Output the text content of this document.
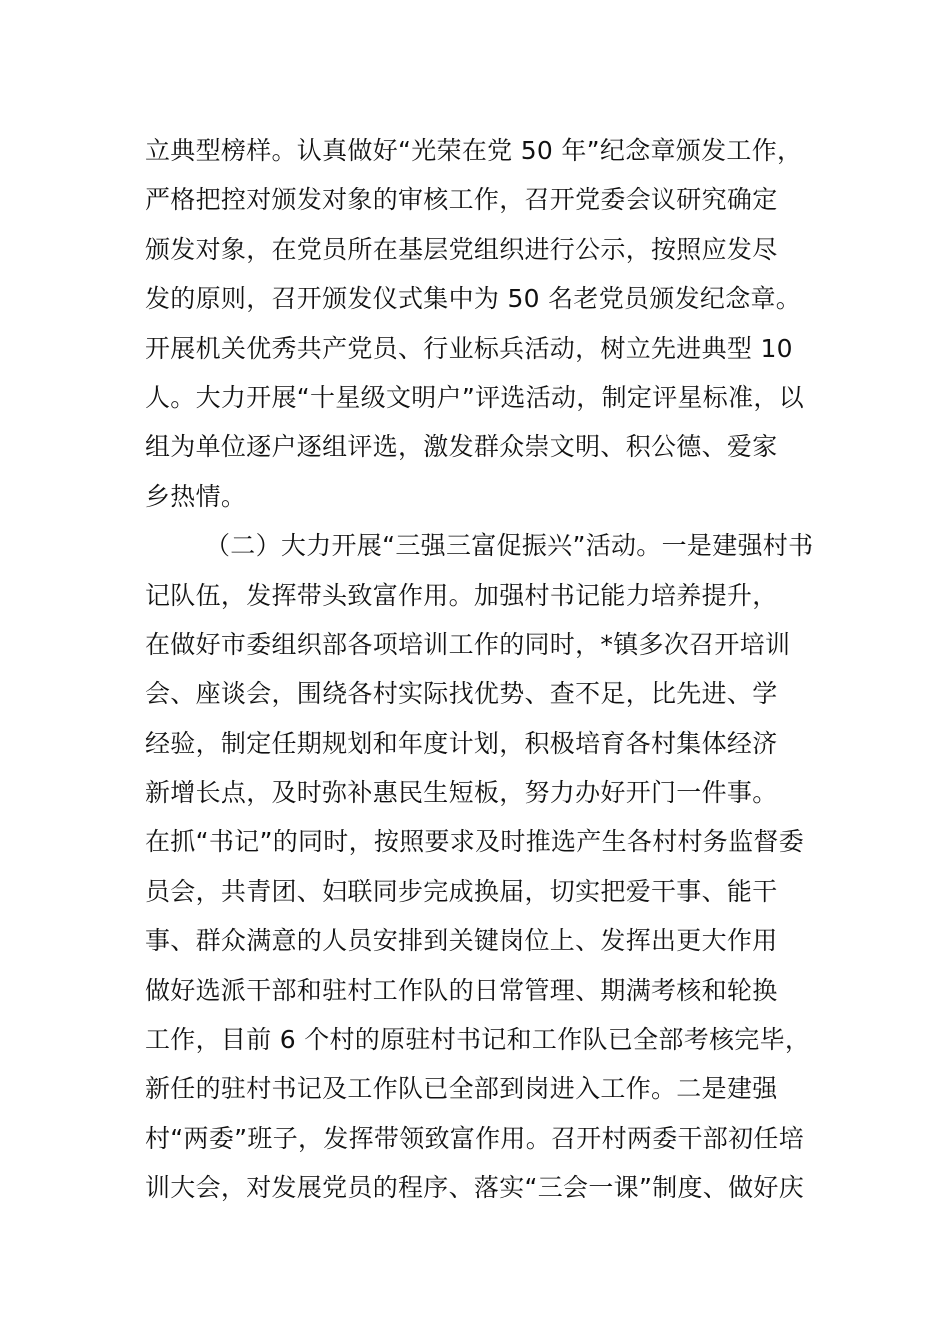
立典型榜样。认真做好“光荣在党 50 年”纪念章颁发工作，
严格把控对颁发对象的审核工作，召开党委会议研究确定
颁发对象，在党员所在基层党组织进行公示，按照应发尽
发的原则，召开颁发仪式集中为 50 名老党员颁发纪念章。
开展机关优秀共产党员、行业标兵活动，树立先进典型 10
人。大力开展“十星级文明户”评选活动，制定评星标准，以
组为单位逐户逐组评选，激发群众崇文明、积公德、爱家
乡热情。
（二）大力开展“三强三富促振兴”活动。一是建强村书
记队伍，发挥带头致富作用。加强村书记能力培养提升，
在做好市委组织部各项培训工作的同时，*镇多次召开培训
会、座谈会，围绕各村实际找优势、查不足，比先进、学
经验，制定任期规划和年度计划，积极培育各村集体经济
新增长点，及时弥补惠民生短板，努力办好开门一件事。
在抓“书记”的同时，按照要求及时推选产生各村村务监督委
员会，共青团、妇联同步完成换届，切实把爱干事、能干
事、群众满意的人员安排到关键岗位上、发挥出更大作用
做好选派干部和驻村工作队的日常管理、期满考核和轮换
工作，目前 6 个村的原驻村书记和工作队已全部考核完毕，
新任的驻村书记及工作队已全部到岗进入工作。二是建强
村“两委”班子，发挥带领致富作用。召开村两委干部初任培
训大会，对发展党员的程序、落实“三会一课”制度、做好庆
